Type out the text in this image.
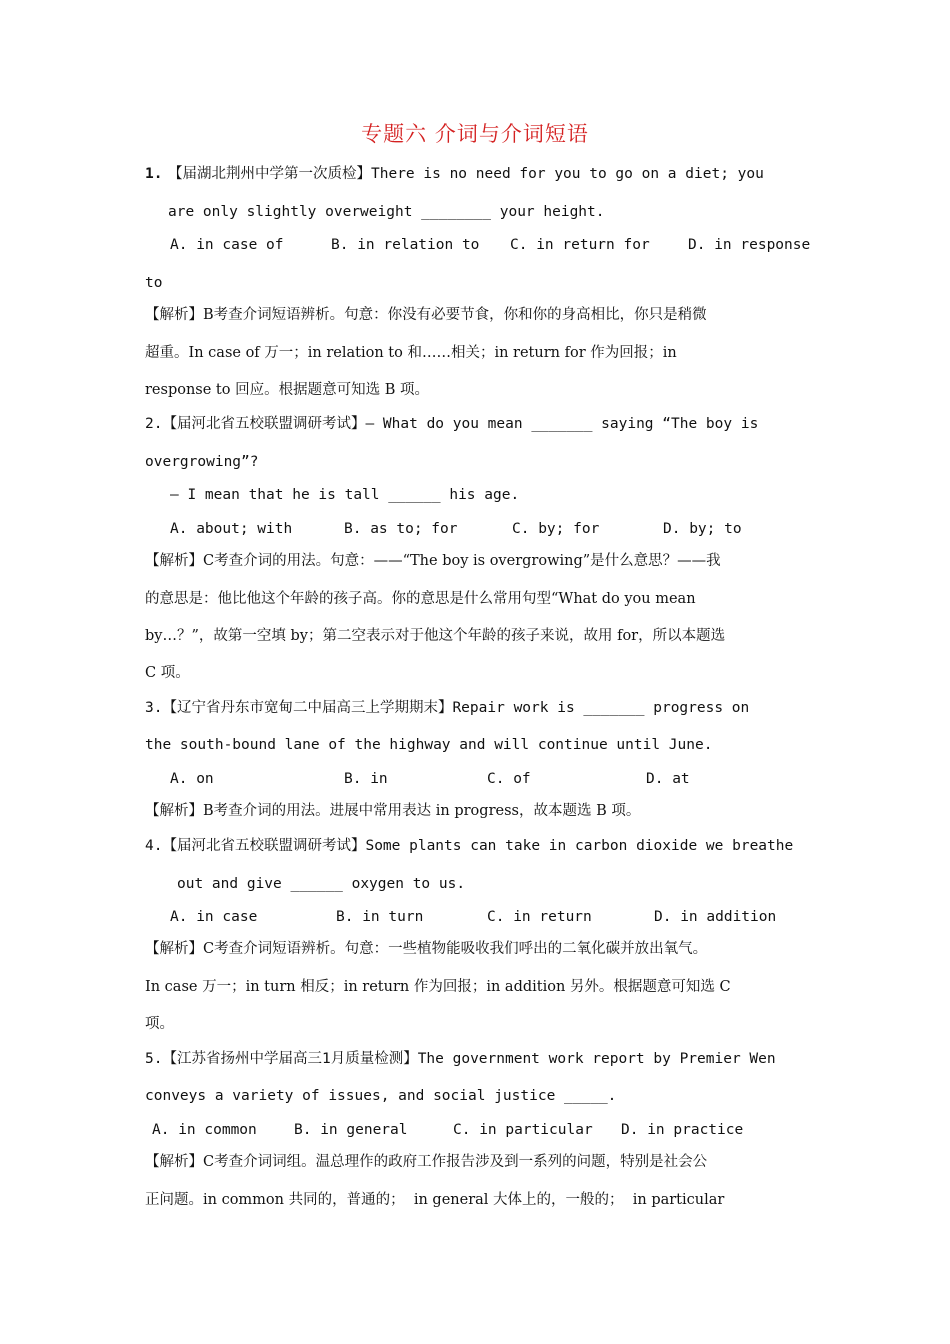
专题六 介词与介词短语
1. 【届湖北荆州中学第一次质检】There is no need for you to go on a diet; you
are only slightly overweight ________ your height.
A. in case of	B. in relation to C. in return for	D. in response
to
【解析】B考查介词短语辨析。句意：你没有必要节食，你和你的身高相比，你只是稍微
超重。In case of 万一；in relation to 和……相关；in return for 作为回报；in
response to 回应。根据题意可知选 B 项。
2.【届河北省五校联盟调研考试】— What do you mean _______ saying “The boy is
overgrowing”?
— I mean that he is tall ______ his age.
A. about; with	B. as to; for	C. by; for	D. by; to
【解析】C考查介词的用法。句意：——“The boy is overgrowing”是什么意思？——我
的意思是：他比他这个年龄的孩子高。你的意思是什么常用句型“What do you mean
by…？”，故第一空填 by；第二空表示对于他这个年龄的孩子来说，故用 for，所以本题选
C 项。
3.【辽宁省丹东市宽甸二中届高三上学期期末】Repair work is _______ progress on
the south-bound lane of the highway and will continue until June.
A. on	B. in	C. of	D. at
【解析】B考查介词的用法。进展中常用表达 in progress，故本题选 B 项。
4.【届河北省五校联盟调研考试】Some plants can take in carbon dioxide we breathe
out and give ______ oxygen to us.
A. in case	B. in turn	C. in return	D. in addition
【解析】C考查介词短语辨析。句意：一些植物能吸收我们呼出的二氧化碳并放出氧气。
In case 万一；in turn 相反；in return 作为回报；in addition 另外。根据题意可知选 C
项。
5.【江苏省扬州中学届高三1月质量检测】The government work report by Premier Wen
conveys a variety of issues, and social justice _____.
A. in common	B. in general	C. in particular D. in practice
【解析】C考查介词词组。温总理作的政府工作报告涉及到一系列的问题，特别是社会公
正问题。in common 共同的，普通的；  in general 大体上的，一般的；  in particular
